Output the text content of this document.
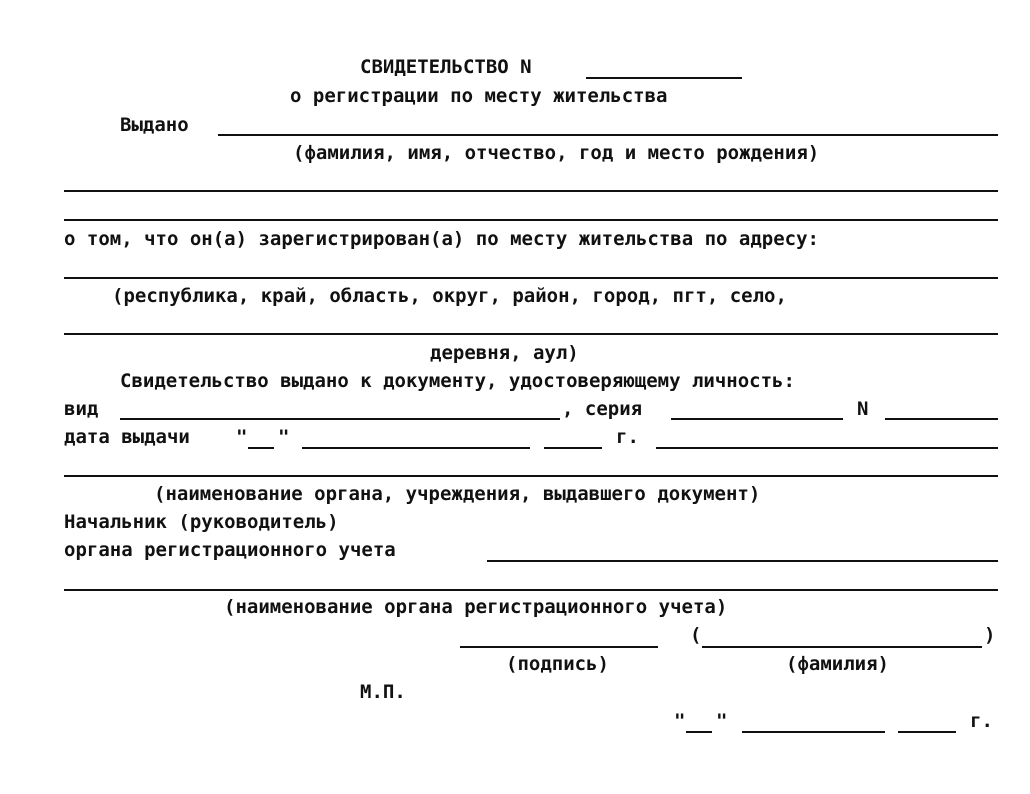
СВИДЕТЕЛЬСТВО N
о регистрации по месту жительства
Выдано
(фамилия, имя, отчество, год и место рождения)
о том, что он(а) зарегистрирован(а) по месту жительства по адресу:
(республика, край, область, округ, район, город, пгт, село,
деревня, аул)
Свидетельство выдано к документу, удостоверяющему личность:
вид	, серия	N
дата выдачи " "	г.
(наименование органа, учреждения, выдавшего документ)
Начальник (руководитель)
органа регистрационного учета
(наименование органа регистрационного учета)
(	)
(подпись)	(фамилия)
М.П.
" "	г.
